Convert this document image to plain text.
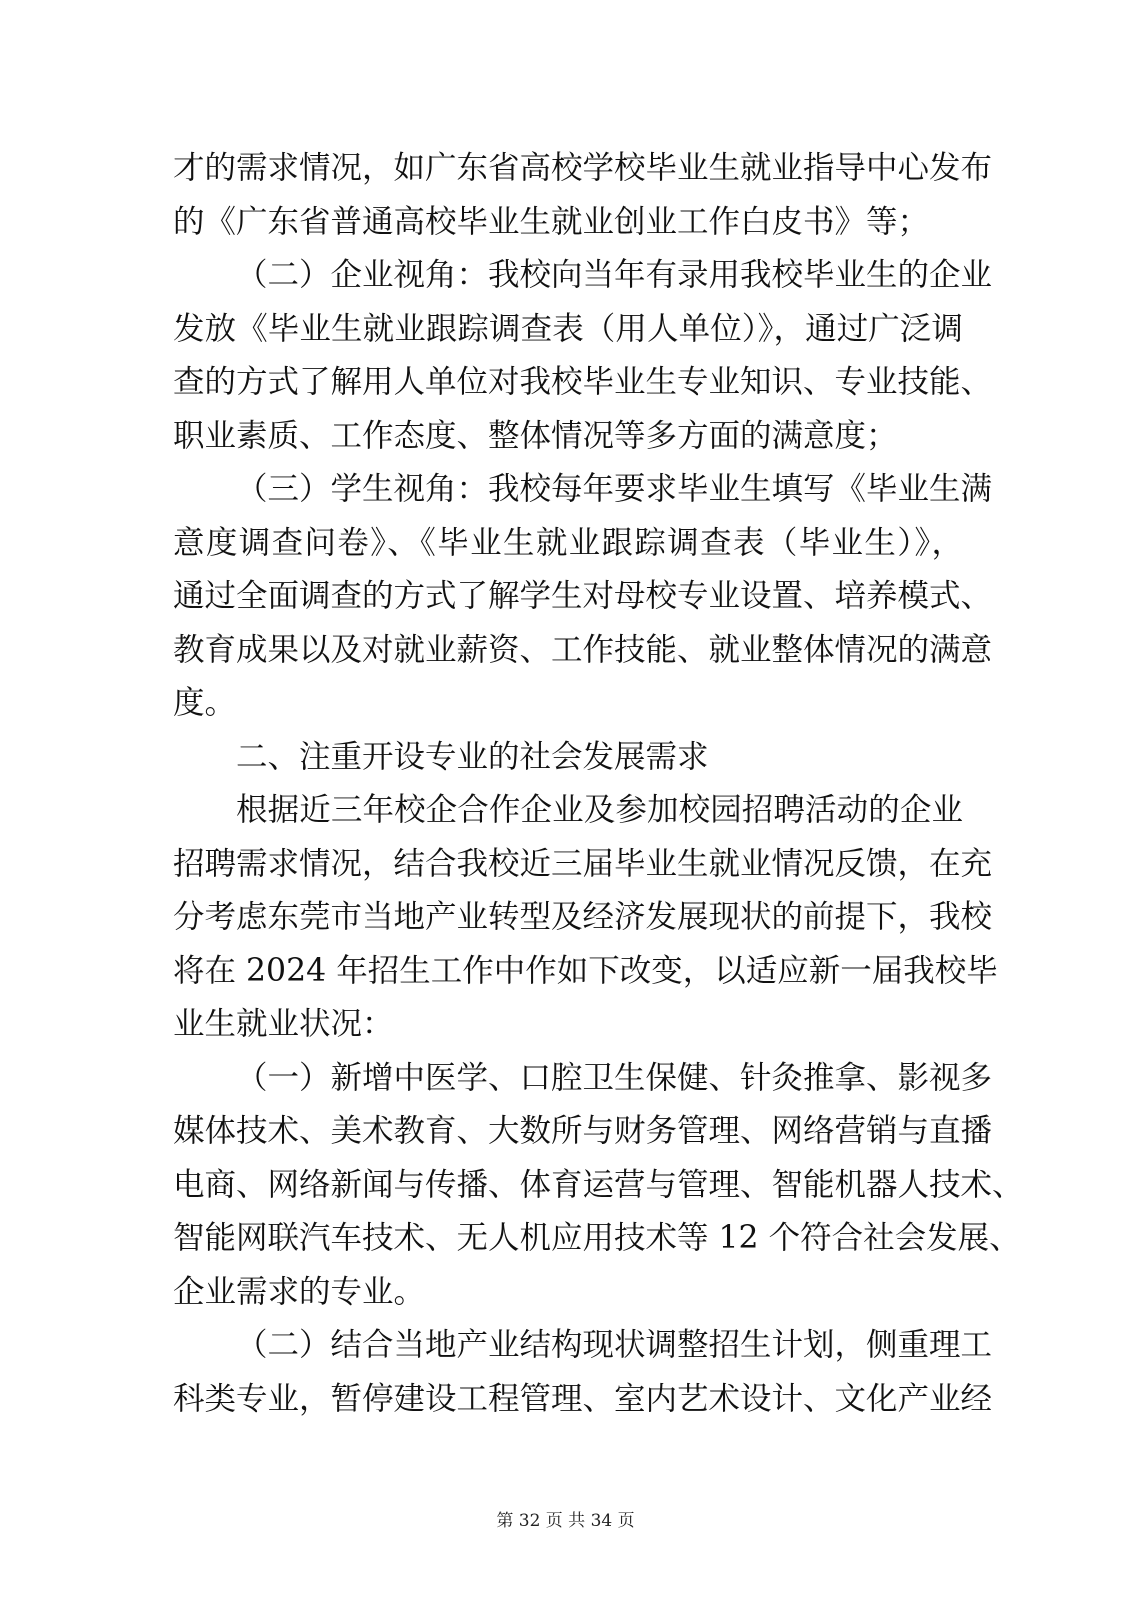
才的需求情况，如广东省高校学校毕业生就业指导中心发布
的《广东省普通高校毕业生就业创业工作白皮书》等；
（二）企业视角：我校向当年有录用我校毕业生的企业
发放《毕业生就业跟踪调查表（用人单位）》，通过广泛调
查的方式了解用人单位对我校毕业生专业知识、专业技能、
职业素质、工作态度、整体情况等多方面的满意度；
（三）学生视角：我校每年要求毕业生填写《毕业生满
意度调查问卷》、《毕业生就业跟踪调查表（毕业生）》，
通过全面调查的方式了解学生对母校专业设置、培养模式、
教育成果以及对就业薪资、工作技能、就业整体情况的满意
度。
二、注重开设专业的社会发展需求
根据近三年校企合作企业及参加校园招聘活动的企业
招聘需求情况，结合我校近三届毕业生就业情况反馈，在充
分考虑东莞市当地产业转型及经济发展现状的前提下，我校
将在 2024 年招生工作中作如下改变，以适应新一届我校毕
业生就业状况：
（一）新增中医学、口腔卫生保健、针灸推拿、影视多
媒体技术、美术教育、大数所与财务管理、网络营销与直播
电商、网络新闻与传播、体育运营与管理、智能机器人技术、
智能网联汽车技术、无人机应用技术等 12 个符合社会发展、
企业需求的专业。
（二）结合当地产业结构现状调整招生计划，侧重理工
科类专业，暂停建设工程管理、室内艺术设计、文化产业经
第 32 页 共 34 页
